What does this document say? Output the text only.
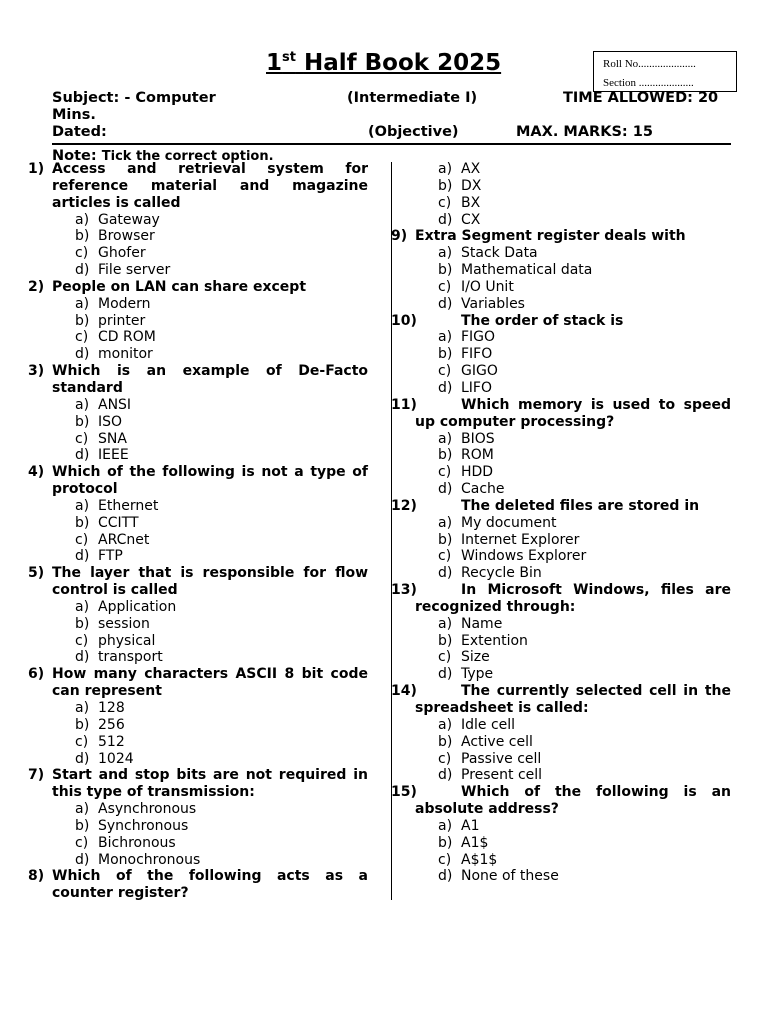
1st Half Book 2025	Roll No.....................
Section ....................
Subject: - Computer	(Intermediate I)	TIME ALLOWED: 20
Mins.
Dated:	(Objective)	MAX. MARKS: 15
Note: Tick the correct option.
1) Access and retrieval system for reference material and magazine articles is called
a) Gateway
b) Browser
c) Ghofer
d) File server
2) People on LAN can share except
a) Modern
b) printer
c) CD ROM
d) monitor
3) Which is an example of De-Facto standard
a) ANSI
b) ISO
c) SNA
d) IEEE
4) Which of the following is not a type of protocol
a) Ethernet
b) CCITT
c) ARCnet
d) FTP
5) The layer that is responsible for flow control is called
a) Application
b) session
c) physical
d) transport
6) How many characters ASCII 8 bit code can represent
a) 128
b) 256
c) 512
d) 1024
7) Start and stop bits are not required in this type of transmission:
a) Asynchronous
b) Synchronous
c) Bichronous
d) Monochronous
8) Which of the following acts as a counter register?
a) AX
b) DX
c) BX
d) CX
9) Extra Segment register deals with
a) Stack Data
b) Mathematical data
c) I/O Unit
d) Variables
10)	The order of stack is
a) FIGO
b) FIFO
c) GIGO
d) LIFO
11)	Which memory is used to speed up computer processing?
a) BIOS
b) ROM
c) HDD
d) Cache
12)	The deleted files are stored in
a) My document
b) Internet Explorer
c) Windows Explorer
d) Recycle Bin
13)	In Microsoft Windows, files are recognized through:
a) Name
b) Extention
c) Size
d) Type
14)	The currently selected cell in the spreadsheet is called:
a) Idle cell
b) Active cell
c) Passive cell
d) Present cell
15)	Which of the following is an absolute address?
a) A1
b) A1$
c) A$1$
d) None of these
